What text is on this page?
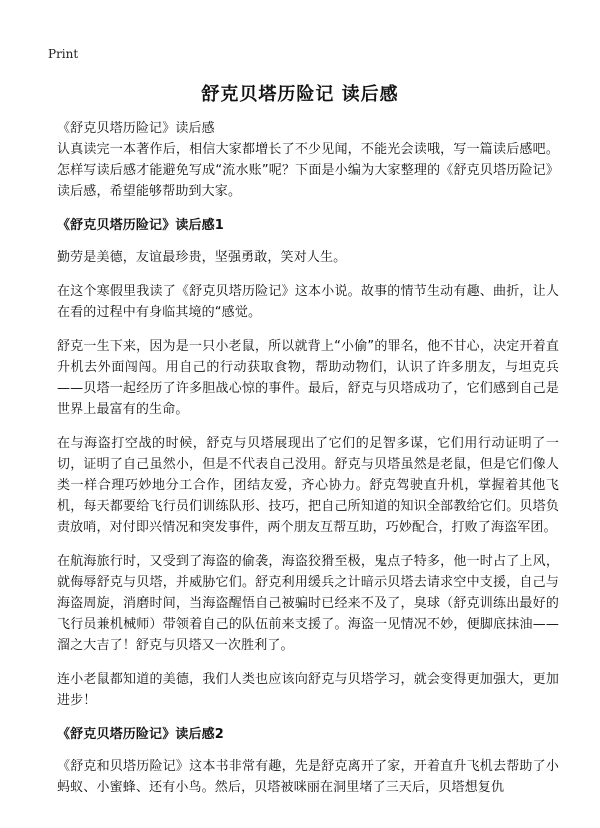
Print
舒克贝塔历险记 读后感

《舒克贝塔历险记》读后感

认真读完一本著作后，相信大家都增长了不少见闻，不能光会读哦，写一篇读后感吧。怎样写读后感才能避免写成“流水账”呢？下面是小编为大家整理的《舒克贝塔历险记》读后感，希望能够帮助到大家。

《舒克贝塔历险记》读后感1

勤劳是美德，友谊最珍贵，坚强勇敢，笑对人生。

在这个寒假里我读了《舒克贝塔历险记》这本小说。故事的情节生动有趣、曲折，让人在看的过程中有身临其境的“感觉。

舒克一生下来，因为是一只小老鼠，所以就背上“小偷”的罪名，他不甘心，决定开着直升机去外面闯闯。用自己的行动获取食物，帮助动物们，认识了许多朋友，与坦克兵——贝塔一起经历了许多胆战心惊的事件。最后，舒克与贝塔成功了，它们感到自己是世界上最富有的生命。

在与海盗打空战的时候，舒克与贝塔展现出了它们的足智多谋，它们用行动证明了一切，证明了自己虽然小，但是不代表自己没用。舒克与贝塔虽然是老鼠，但是它们像人类一样合理巧妙地分工合作，团结友爱，齐心协力。舒克驾驶直升机，掌握着其他飞机，每天都要给飞行员们训练队形、技巧，把自己所知道的知识全部教给它们。贝塔负责放哨，对付即兴情况和突发事件，两个朋友互帮互助，巧妙配合，打败了海盗军团。

在航海旅行时，又受到了海盗的偷袭，海盗狡猾至极，鬼点子特多，他一时占了上风，就侮辱舒克与贝塔，并威胁它们。舒克利用缓兵之计暗示贝塔去请求空中支援，自己与海盗周旋，消磨时间，当海盗醒悟自己被骗时已经来不及了，臭球（舒克训练出最好的飞行员兼机械师）带领着自己的队伍前来支援了。海盗一见情况不妙，便脚底抹油——溜之大吉了！舒克与贝塔又一次胜利了。

连小老鼠都知道的美德，我们人类也应该向舒克与贝塔学习，就会变得更加强大，更加进步！

《舒克贝塔历险记》读后感2

《舒克和贝塔历险记》这本书非常有趣，先是舒克离开了家，开着直升飞机去帮助了小蚂蚁、小蜜蜂、还有小鸟。然后，贝塔被咪丽在洞里堵了三天后，贝塔想复仇
